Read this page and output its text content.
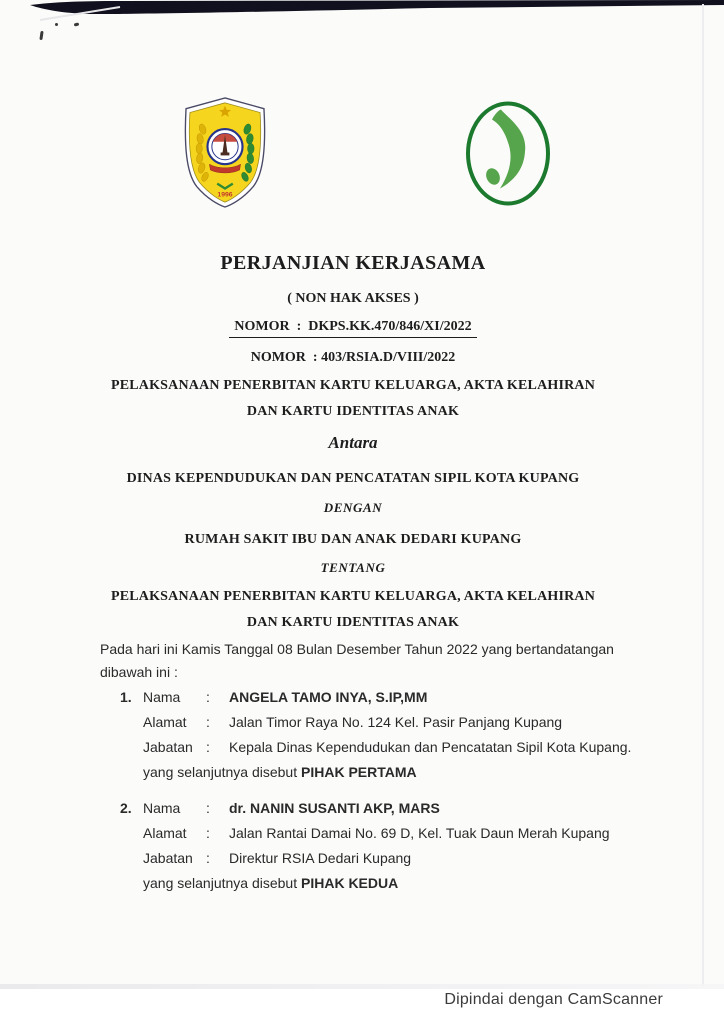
1996
PERJANJIAN KERJASAMA
( NON HAK AKSES )
NOMOR  :  DKPS.KK.470/846/XI/2022
NOMOR  : 403/RSIA.D/VIII/2022
PELAKSANAAN PENERBITAN KARTU KELUARGA, AKTA KELAHIRAN
DAN KARTU IDENTITAS ANAK
Antara
DINAS KEPENDUDUKAN DAN PENCATATAN SIPIL KOTA KUPANG
DENGAN
RUMAH SAKIT IBU DAN ANAK DEDARI KUPANG
TENTANG
PELAKSANAAN PENERBITAN KARTU KELUARGA, AKTA KELAHIRAN
DAN KARTU IDENTITAS ANAK
Pada hari ini Kamis Tanggal 08 Bulan Desember Tahun 2022 yang bertandatangan
dibawah ini :
1. Nama : ANGELA TAMO INYA, S.IP,MM
Alamat : Jalan Timor Raya No. 124 Kel. Pasir Panjang Kupang
Jabatan : Kepala Dinas Kependudukan dan Pencatatan Sipil Kota Kupang.
yang selanjutnya disebut PIHAK PERTAMA
2. Nama : dr. NANIN SUSANTI AKP, MARS
Alamat : Jalan Rantai Damai No. 69 D, Kel. Tuak Daun Merah Kupang
Jabatan : Direktur RSIA Dedari Kupang
yang selanjutnya disebut PIHAK KEDUA
Dipindai dengan CamScanner
